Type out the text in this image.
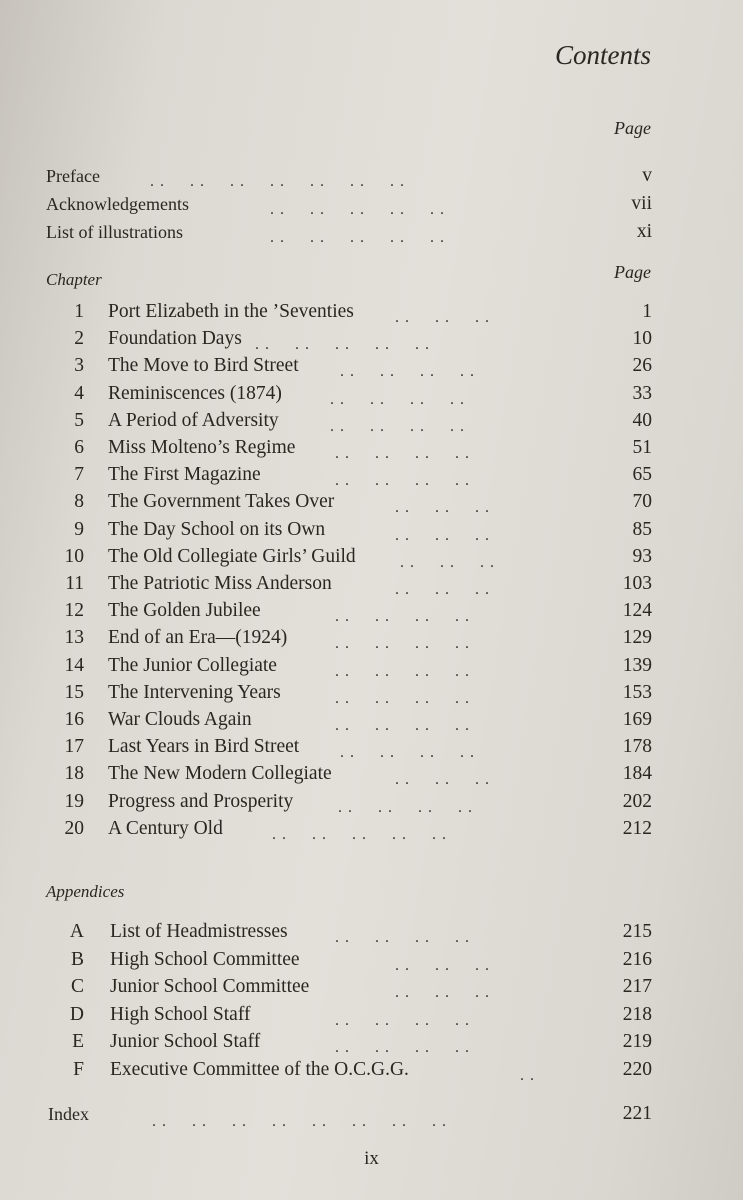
Contents
Page
Preface	. .     . .     . .     . .     . .     . .     . .	v
Acknowledgements	. .     . .     . .     . .     . .	vii
List of illustrations	. .     . .     . .     . .     . .	xi
Chapter	Page
1 Port Elizabeth in the ’Seventies	. .     . .     . .	1
2 Foundation Days . .     . .     . .     . .     . .	10
3 The Move to Bird Street	. .     . .     . .     . .	26
4 Reminiscences (1874)	. .     . .     . .     . .	33
5 A Period of Adversity	. .     . .     . .     . .	40
6 Miss Molteno’s Regime . .     . .     . .     . .	51
7 The First Magazine	. .     . .     . .     . .	65
8 The Government Takes Over	. .     . .     . .	70
9 The Day School on its Own	. .     . .     . .	85
10 The Old Collegiate Girls’ Guild	. .     . .     . .	93
11 The Patriotic Miss Anderson	. .     . .     . .	103
12 The Golden Jubilee	. .     . .     . .     . .	124
13 End of an Era—(1924)	. .     . .     . .     . .	129
14 The Junior Collegiate	. .     . .     . .     . .	139
15 The Intervening Years	. .     . .     . .     . .	153
16 War Clouds Again	. .     . .     . .     . .	169
17 Last Years in Bird Street	. .     . .     . .     . .	178
18 The New Modern Collegiate	. .     . .     . .	184
19 Progress and Prosperity	. .     . .     . .     . .	202
20 A Century Old	. .     . .     . .     . .     . .	212
Appendices
A List of Headmistresses	. .     . .     . .     . .	215
B High School Committee	. .     . .     . .	216
C Junior School Committee	. .     . .     . .	217
D High School Staff	. .     . .     . .     . .	218
E Junior School Staff	. .     . .     . .     . .	219
F Executive Committee of the O.C.G.G.	. .	220
Index	. .     . .     . .     . .     . .     . .     . .     . .	221
ix
